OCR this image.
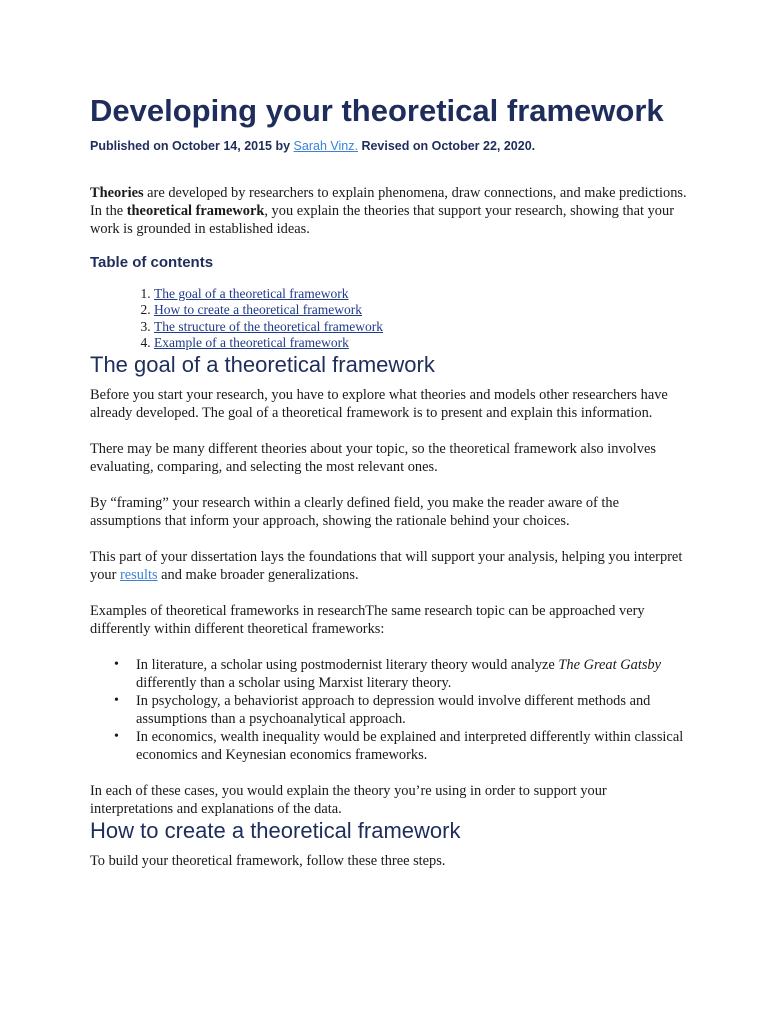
Developing your theoretical framework
Published on October 14, 2015 by Sarah Vinz. Revised on October 22, 2020.

Theories are developed by researchers to explain phenomena, draw connections, and make predictions. In the theoretical framework, you explain the theories that support your research, showing that your work is grounded in established ideas.

Table of contents
1. The goal of a theoretical framework
2. How to create a theoretical framework
3. The structure of the theoretical framework
4. Example of a theoretical framework
The goal of a theoretical framework

Before you start your research, you have to explore what theories and models other researchers have already developed. The goal of a theoretical framework is to present and explain this information.

There may be many different theories about your topic, so the theoretical framework also involves evaluating, comparing, and selecting the most relevant ones.

By “framing” your research within a clearly defined field, you make the reader aware of the assumptions that inform your approach, showing the rationale behind your choices.

This part of your dissertation lays the foundations that will support your analysis, helping you interpret your results and make broader generalizations.

Examples of theoretical frameworks in researchThe same research topic can be approached very differently within different theoretical frameworks:

• In literature, a scholar using postmodernist literary theory would analyze The Great Gatsby differently than a scholar using Marxist literary theory.
• In psychology, a behaviorist approach to depression would involve different methods and assumptions than a psychoanalytical approach.
• In economics, wealth inequality would be explained and interpreted differently within classical economics and Keynesian economics frameworks.

In each of these cases, you would explain the theory you’re using in order to support your interpretations and explanations of the data.

How to create a theoretical framework

To build your theoretical framework, follow these three steps.
